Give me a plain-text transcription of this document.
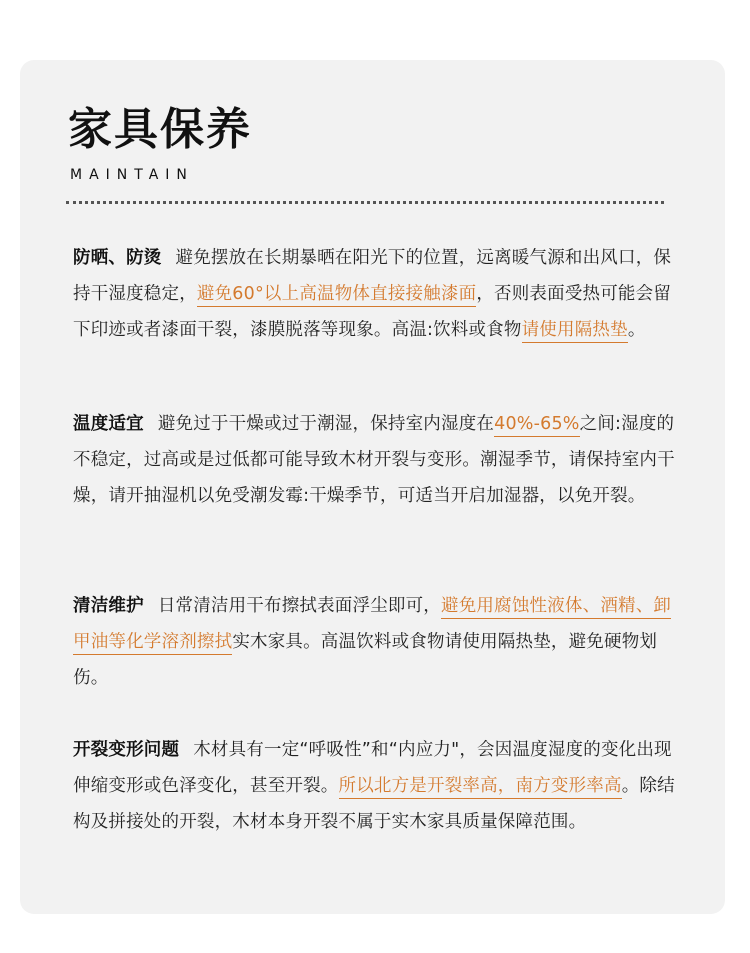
家具保养
MAINTAIN

防晒、防烫 避免摆放在长期暴晒在阳光下的位置，远离暖气源和出风口，保持干湿度稳定，避免60°以上高温物体直接接触漆面，否则表面受热可能会留下印迹或者漆面干裂，漆膜脱落等现象。高温:饮料或食物请使用隔热垫。

温度适宜 避免过于干燥或过于潮湿，保持室内湿度在40%-65%之间:湿度的不稳定，过高或是过低都可能导致木材开裂与变形。潮湿季节，请保持室内干燥，请开抽湿机以免受潮发霉:干燥季节，可适当开启加湿器，以免开裂。

清洁维护 日常清洁用干布擦拭表面浮尘即可，避免用腐蚀性液体、酒精、卸甲油等化学溶剂擦拭实木家具。高温饮料或食物请使用隔热垫，避免硬物划伤。

开裂变形问题 木材具有一定“呼吸性”和“内应力"，会因温度湿度的变化出现伸缩变形或色泽变化，甚至开裂。所以北方是开裂率高，南方变形率高。除结构及拼接处的开裂，木材本身开裂不属于实木家具质量保障范围。
